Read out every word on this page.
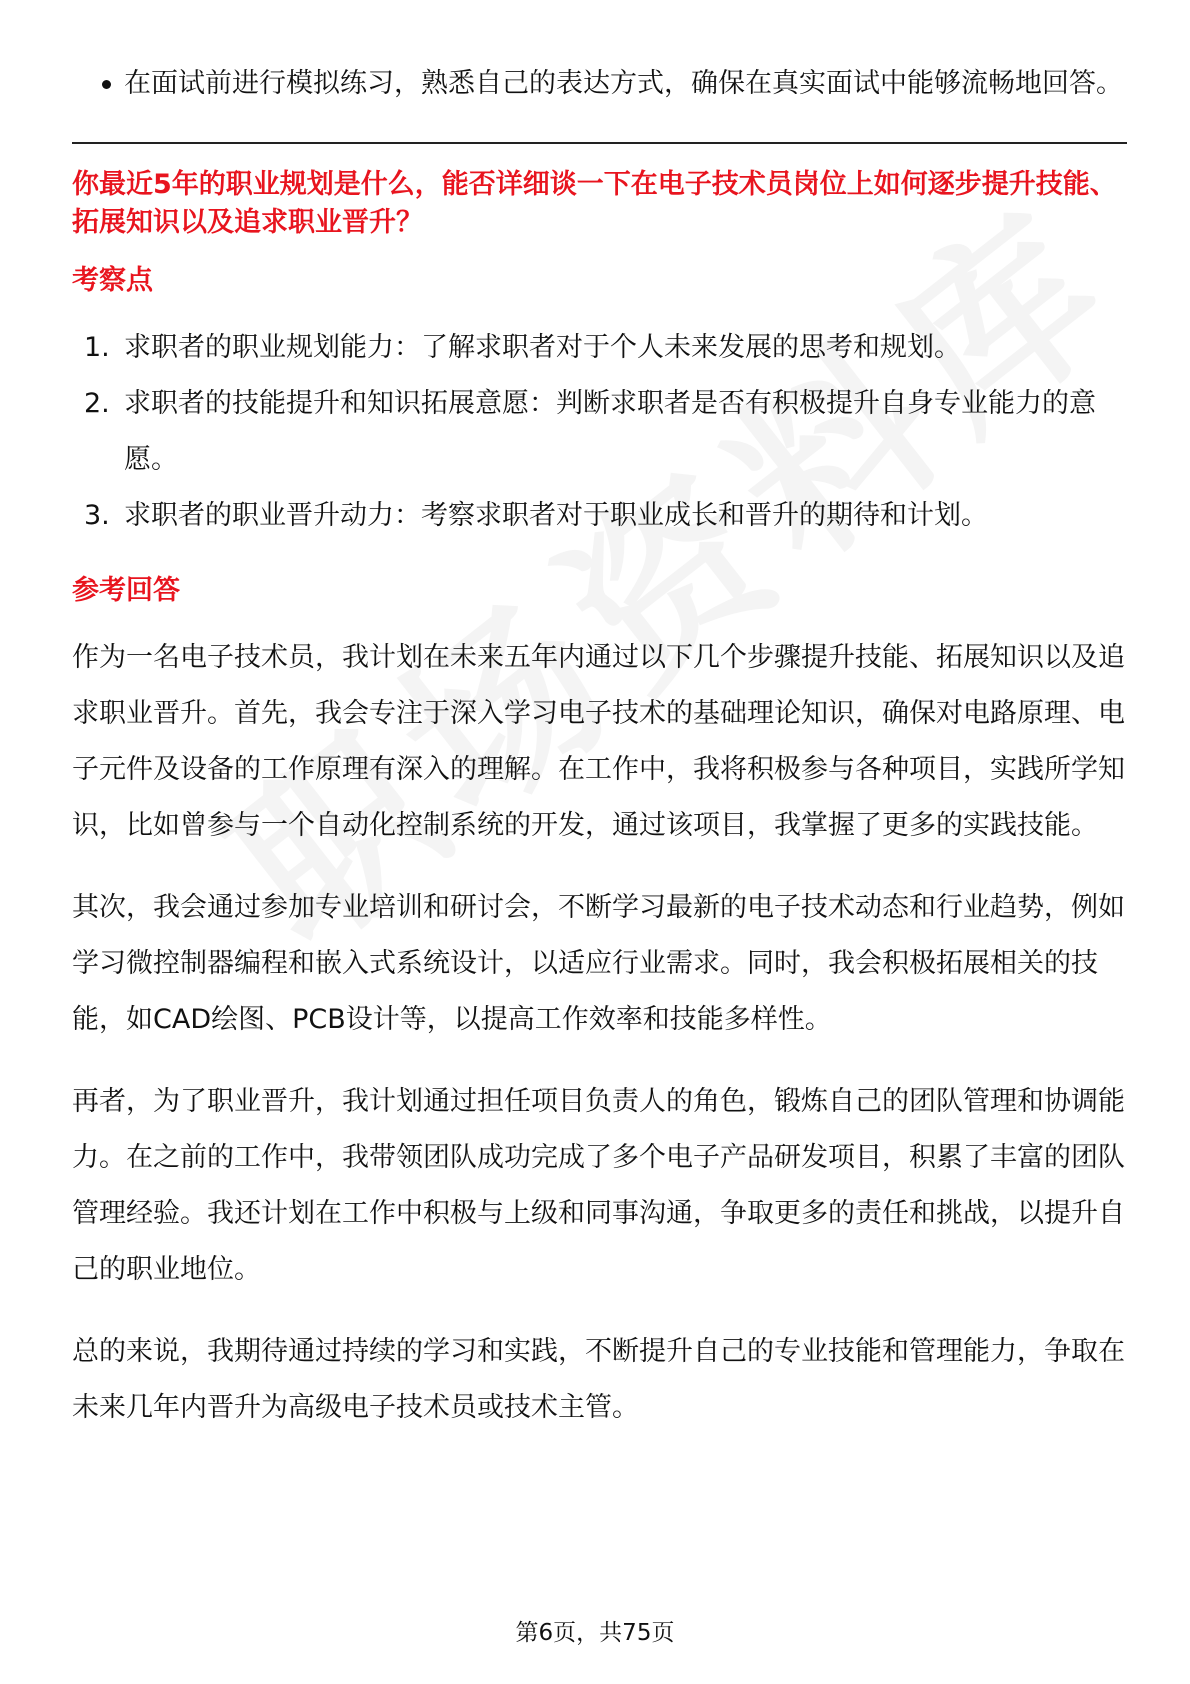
在面试前进行模拟练习，熟悉自己的表达方式，确保在真实面试中能够流畅地回答。
你最近5年的职业规划是什么，能否详细谈一下在电子技术员岗位上如何逐步提升技能、拓展知识以及追求职业晋升？
考察点
1. 求职者的职业规划能力：了解求职者对于个人未来发展的思考和规划。
2. 求职者的技能提升和知识拓展意愿：判断求职者是否有积极提升自身专业能力的意愿。
3. 求职者的职业晋升动力：考察求职者对于职业成长和晋升的期待和计划。
参考回答

作为一名电子技术员，我计划在未来五年内通过以下几个步骤提升技能、拓展知识以及追求职业晋升。首先，我会专注于深入学习电子技术的基础理论知识，确保对电路原理、电子元件及设备的工作原理有深入的理解。在工作中，我将积极参与各种项目，实践所学知识，比如曾参与一个自动化控制系统的开发，通过该项目，我掌握了更多的实践技能。

其次，我会通过参加专业培训和研讨会，不断学习最新的电子技术动态和行业趋势，例如学习微控制器编程和嵌入式系统设计，以适应行业需求。同时，我会积极拓展相关的技能，如CAD绘图、PCB设计等，以提高工作效率和技能多样性。

再者，为了职业晋升，我计划通过担任项目负责人的角色，锻炼自己的团队管理和协调能力。在之前的工作中，我带领团队成功完成了多个电子产品研发项目，积累了丰富的团队管理经验。我还计划在工作中积极与上级和同事沟通，争取更多的责任和挑战，以提升自己的职业地位。

总的来说，我期待通过持续的学习和实践，不断提升自己的专业技能和管理能力，争取在未来几年内晋升为高级电子技术员或技术主管。

第6页，共75页
